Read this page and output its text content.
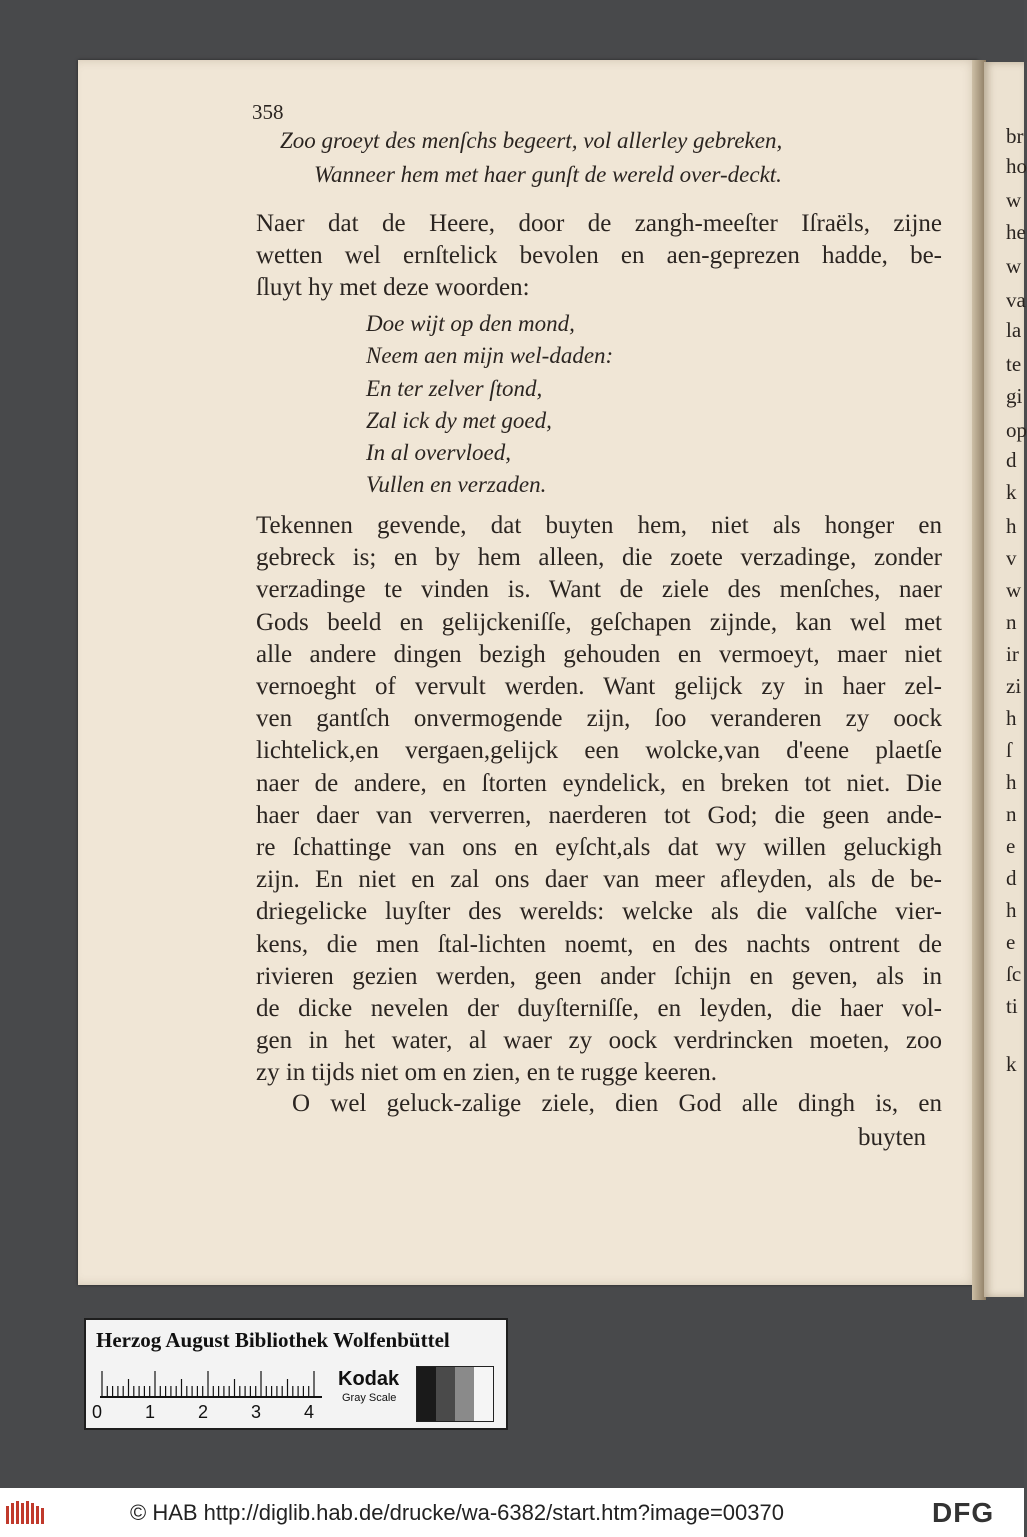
br
ho
w
he
w
va
la
te
gi
op
d
k
h
v
w
n
ir
zi
h
ſ
h
n
e
d
h
e
ſc
ti
k
358
Zoo groeyt des menſchs begeert, vol allerley gebreken,
Wanneer hem met haer gunſt de wereld over-deckt.
Naer dat de Heere, door de zangh-meeſter Iſraëls, zijne
wetten wel ernſtelick bevolen en aen-geprezen hadde, be-
ſluyt hy met deze woorden:
Doe wijt op den mond,
Neem aen mijn wel-daden:
En ter zelver ſtond,
Zal ick dy met goed,
In al overvloed,
Vullen en verzaden.
Tekennen gevende, dat buyten hem, niet als honger en
gebreck is; en by hem alleen, die zoete verzadinge, zonder
verzadinge te vinden is. Want de ziele des menſches, naer
Gods beeld en gelijckeniſſe, geſchapen zijnde, kan wel met
alle andere dingen bezigh gehouden en vermoeyt, maer niet
vernoeght of vervult werden. Want gelijck zy in haer zel-
ven gantſch onvermogende zijn, ſoo veranderen zy oock
lichtelick,en vergaen,gelijck een wolcke,van d'eene plaetſe
naer de andere, en ſtorten eyndelick, en breken tot niet. Die
haer daer van ververren, naerderen tot God; die geen ande-
re ſchattinge van ons en eyſcht,als dat wy willen geluckigh
zijn. En niet en zal ons daer van meer afleyden, als de be-
driegelicke luyſter des werelds: welcke als die valſche vier-
kens, die men ſtal-lichten noemt, en des nachts ontrent de
rivieren gezien werden, geen ander ſchijn en geven, als in
de dicke nevelen der duyſterniſſe, en leyden, die haer vol-
gen in het water, al waer zy oock verdrincken moeten, zoo
zy in tijds niet om en zien, en te rugge keeren.
O wel geluck-zalige ziele, dien God alle dingh is, en
buyten
Herzog August Bibliothek Wolfenbüttel
0 1 2 3 4
Kodak
Gray Scale
© HAB http://diglib.hab.de/drucke/wa-6382/start.htm?image=00370	DFG
